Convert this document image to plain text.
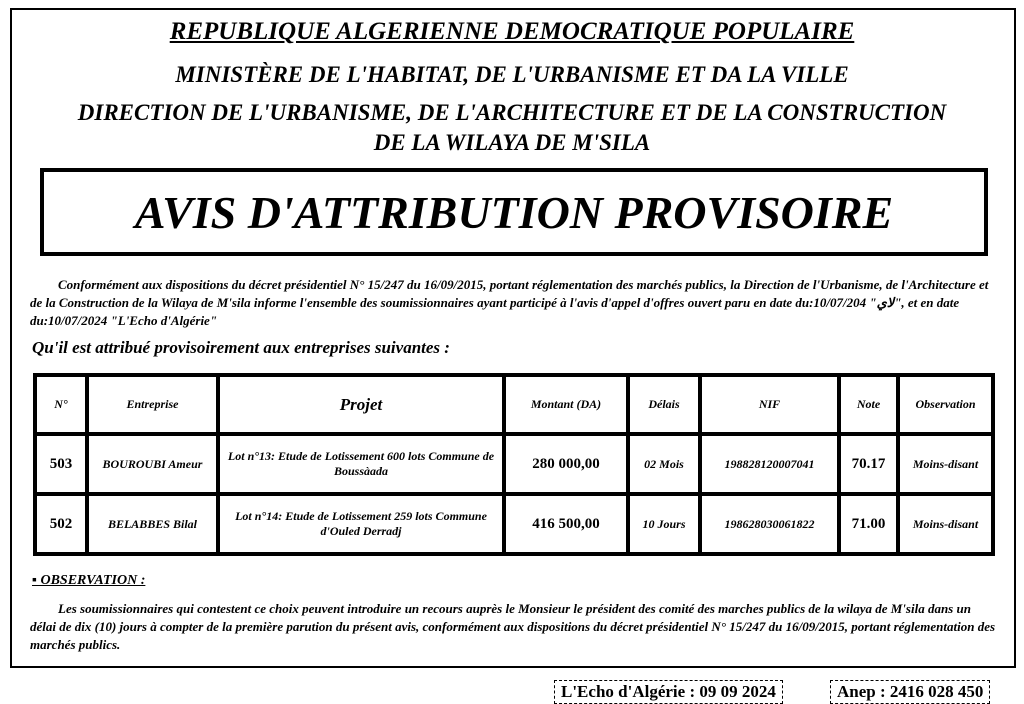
REPUBLIQUE ALGERIENNE DEMOCRATIQUE POPULAIRE
MINISTÈRE DE L'HABITAT, DE L'URBANISME ET DA LA VILLE
DIRECTION DE L'URBANISME, DE L'ARCHITECTURE ET DE LA CONSTRUCTION
DE LA WILAYA DE M'SILA
AVIS D'ATTRIBUTION PROVISOIRE
Conformément aux dispositions du décret présidentiel N° 15/247 du 16/09/2015, portant réglementation des marchés publics, la Direction de l'Urbanisme, de l'Architecture et de la Construction de la Wilaya de M'sila informe l'ensemble des soumissionnaires ayant participé à l'avis d'appel d'offres ouvert paru en date du:10/07/204 "لاي", et en date du:10/07/2024 "L'Echo d'Algérie"
Qu'il est attribué provisoirement aux entreprises suivantes :
N°	Entreprise	Projet	Montant (DA)	Délais	NIF	Note	Observation
503	BOUROUBI Ameur	Lot n°13: Etude de Lotissement 600 lots Commune de Boussàada	280 000,00	02 Mois	198828120007041	70.17	Moins-disant
502	BELABBES Bilal	Lot n°14: Etude de Lotissement 259 lots Commune d'Ouled Derradj	416 500,00	10 Jours	198628030061822	71.00	Moins-disant
▪ OBSERVATION :
Les soumissionnaires qui contestent ce choix peuvent introduire un recours auprès le Monsieur le président des comité des marches publics de la wilaya de M'sila dans un délai de dix (10) jours à compter de la première parution du présent avis, conformément aux dispositions du décret présidentiel N° 15/247 du 16/09/2015, portant réglementation des marchés publics.
L'Echo d'Algérie : 09 09 2024	Anep : 2416 028 450
